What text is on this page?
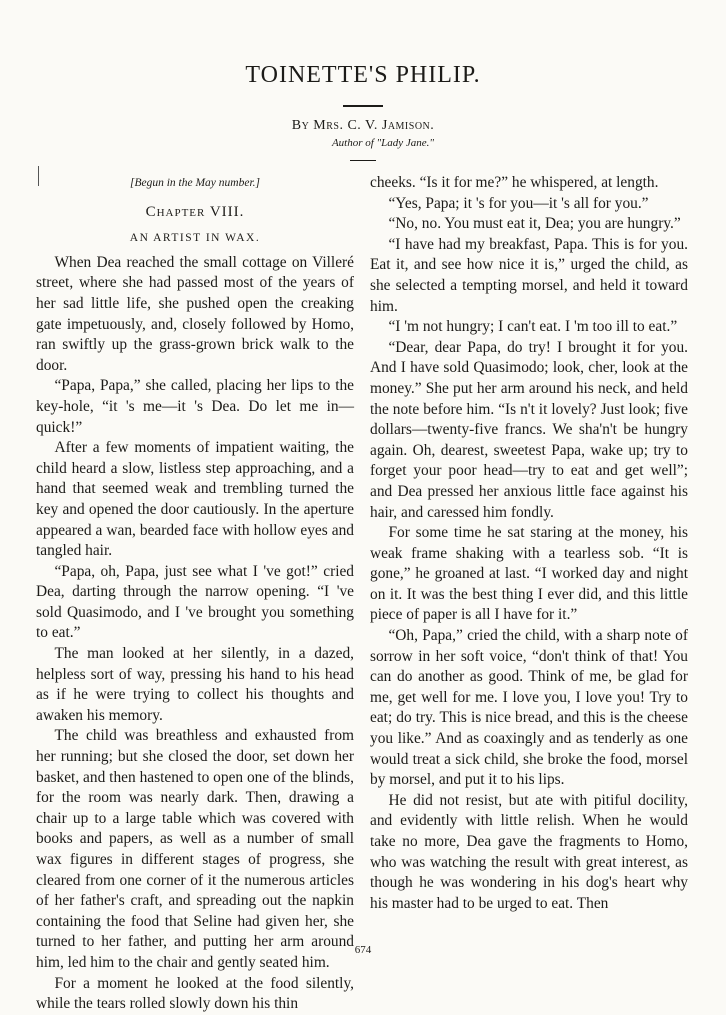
TOINETTE'S PHILIP.
By Mrs. C. V. Jamison.
Author of "Lady Jane."

[Begun in the May number.]

Chapter VIII.
AN ARTIST IN WAX.

When Dea reached the small cottage on Villeré street, where she had passed most of the years of her sad little life, she pushed open the creaking gate impetuously, and, closely followed by Homo, ran swiftly up the grass-grown brick walk to the door.

“Papa, Papa,” she called, placing her lips to the key-hole, “it 's me—it 's Dea. Do let me in—quick!”

After a few moments of impatient waiting, the child heard a slow, listless step approaching, and a hand that seemed weak and trembling turned the key and opened the door cautiously. In the aperture appeared a wan, bearded face with hollow eyes and tangled hair.

“Papa, oh, Papa, just see what I 've got!” cried Dea, darting through the narrow opening. “I 've sold Quasimodo, and I 've brought you something to eat.”

The man looked at her silently, in a dazed, helpless sort of way, pressing his hand to his head as if he were trying to collect his thoughts and awaken his memory.

The child was breathless and exhausted from her running; but she closed the door, set down her basket, and then hastened to open one of the blinds, for the room was nearly dark. Then, drawing a chair up to a large table which was covered with books and papers, as well as a number of small wax figures in different stages of progress, she cleared from one corner of it the numerous articles of her father's craft, and spreading out the napkin containing the food that Seline had given her, she turned to her father, and putting her arm around him, led him to the chair and gently seated him.

For a moment he looked at the food silently, while the tears rolled slowly down his thin

cheeks. “Is it for me?” he whispered, at length.

“Yes, Papa; it 's for you—it 's all for you.”

“No, no. You must eat it, Dea; you are hungry.”

“I have had my breakfast, Papa. This is for you. Eat it, and see how nice it is,” urged the child, as she selected a tempting morsel, and held it toward him.

“I 'm not hungry; I can't eat. I 'm too ill to eat.”

“Dear, dear Papa, do try! I brought it for you. And I have sold Quasimodo; look, cher, look at the money.” She put her arm around his neck, and held the note before him. “Is n't it lovely? Just look; five dollars—twenty-five francs. We sha'n't be hungry again. Oh, dearest, sweetest Papa, wake up; try to forget your poor head—try to eat and get well”; and Dea pressed her anxious little face against his hair, and caressed him fondly.

For some time he sat staring at the money, his weak frame shaking with a tearless sob. “It is gone,” he groaned at last. “I worked day and night on it. It was the best thing I ever did, and this little piece of paper is all I have for it.”

“Oh, Papa,” cried the child, with a sharp note of sorrow in her soft voice, “don't think of that! You can do another as good. Think of me, be glad for me, get well for me. I love you, I love you! Try to eat; do try. This is nice bread, and this is the cheese you like.” And as coaxingly and as tenderly as one would treat a sick child, she broke the food, morsel by morsel, and put it to his lips.

He did not resist, but ate with pitiful docility, and evidently with little relish. When he would take no more, Dea gave the fragments to Homo, who was watching the result with great interest, as though he was wondering in his dog's heart why his master had to be urged to eat. Then

674
